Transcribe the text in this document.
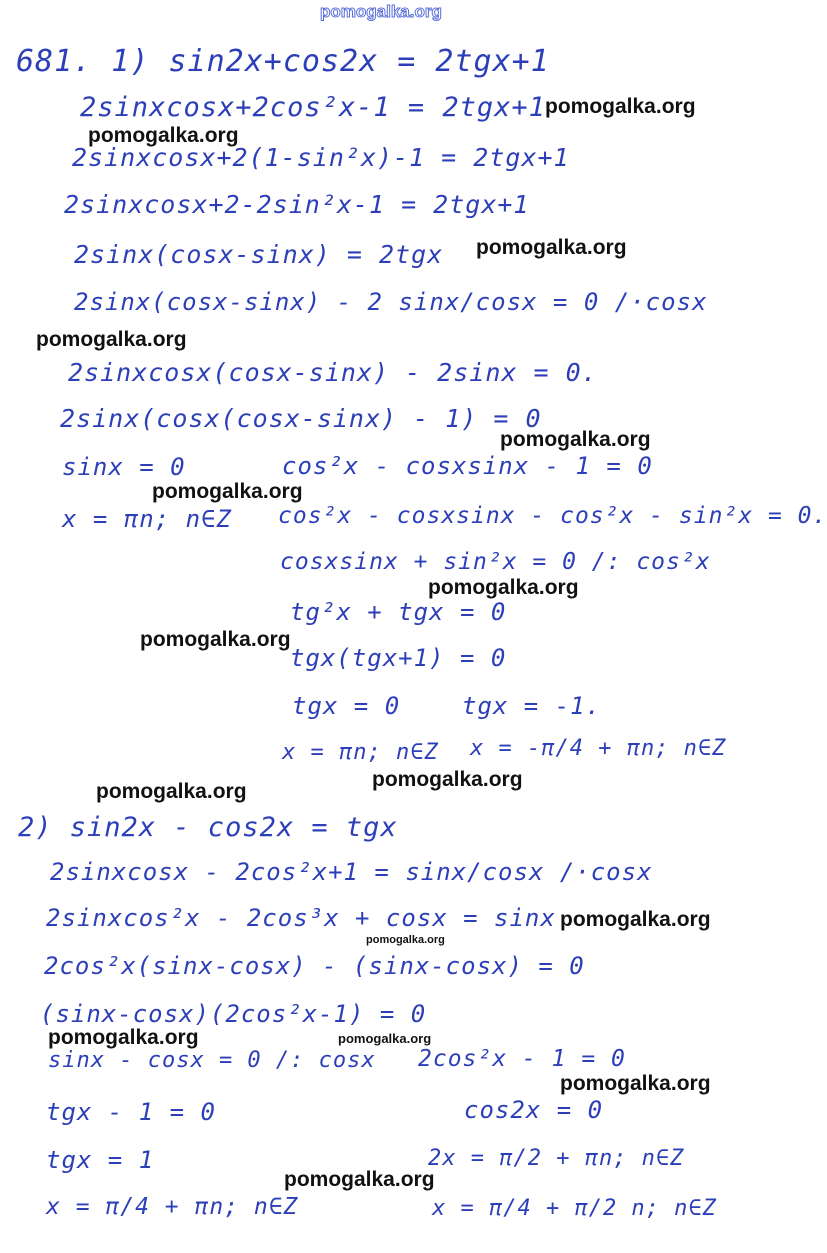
pomogalka.org
681. 1) sin2x+cos2x = 2tgx+1
2sinxcosx+2cos²x-1 = 2tgx+1
2sinxcosx+2(1-sin²x)-1 = 2tgx+1
2sinxcosx+2-2sin²x-1 = 2tgx+1
2sinx(cosx-sinx) = 2tgx
2sinx(cosx-sinx) - 2 sinx/cosx = 0 /·cosx
2sinxcosx(cosx-sinx) - 2sinx = 0.
2sinx(cosx(cosx-sinx) - 1) = 0
sinx = 0
x = πn; n∈Z
cos²x - cosxsinx - 1 = 0
cos²x - cosxsinx - cos²x - sin²x = 0.
cosxsinx + sin²x = 0 /: cos²x
tg²x + tgx = 0
tgx(tgx+1) = 0
tgx = 0	tgx = -1.
x = πn; n∈Z x = -π/4 + πn; n∈Z
2) sin2x - cos2x = tgx
2sinxcosx - 2cos²x+1 = sinx/cosx /·cosx
2sinxcos²x - 2cos³x + cosx = sinx
2cos²x(sinx-cosx) - (sinx-cosx) = 0
(sinx-cosx)(2cos²x-1) = 0
sinx - cosx = 0 /: cosx
tgx - 1 = 0
tgx = 1
x = π/4 + πn; n∈Z
2cos²x - 1 = 0
cos2x = 0
2x = π/2 + πn; n∈Z
x = π/4 + π/2 n; n∈Z
pomogalka.org
pomogalka.org
pomogalka.org
pomogalka.org
pomogalka.org
pomogalka.org
pomogalka.org
pomogalka.org
pomogalka.org
pomogalka.org
pomogalka.org
pomogalka.org
pomogalka.org	pomogalka.org
pomogalka.org
pomogalka.org
